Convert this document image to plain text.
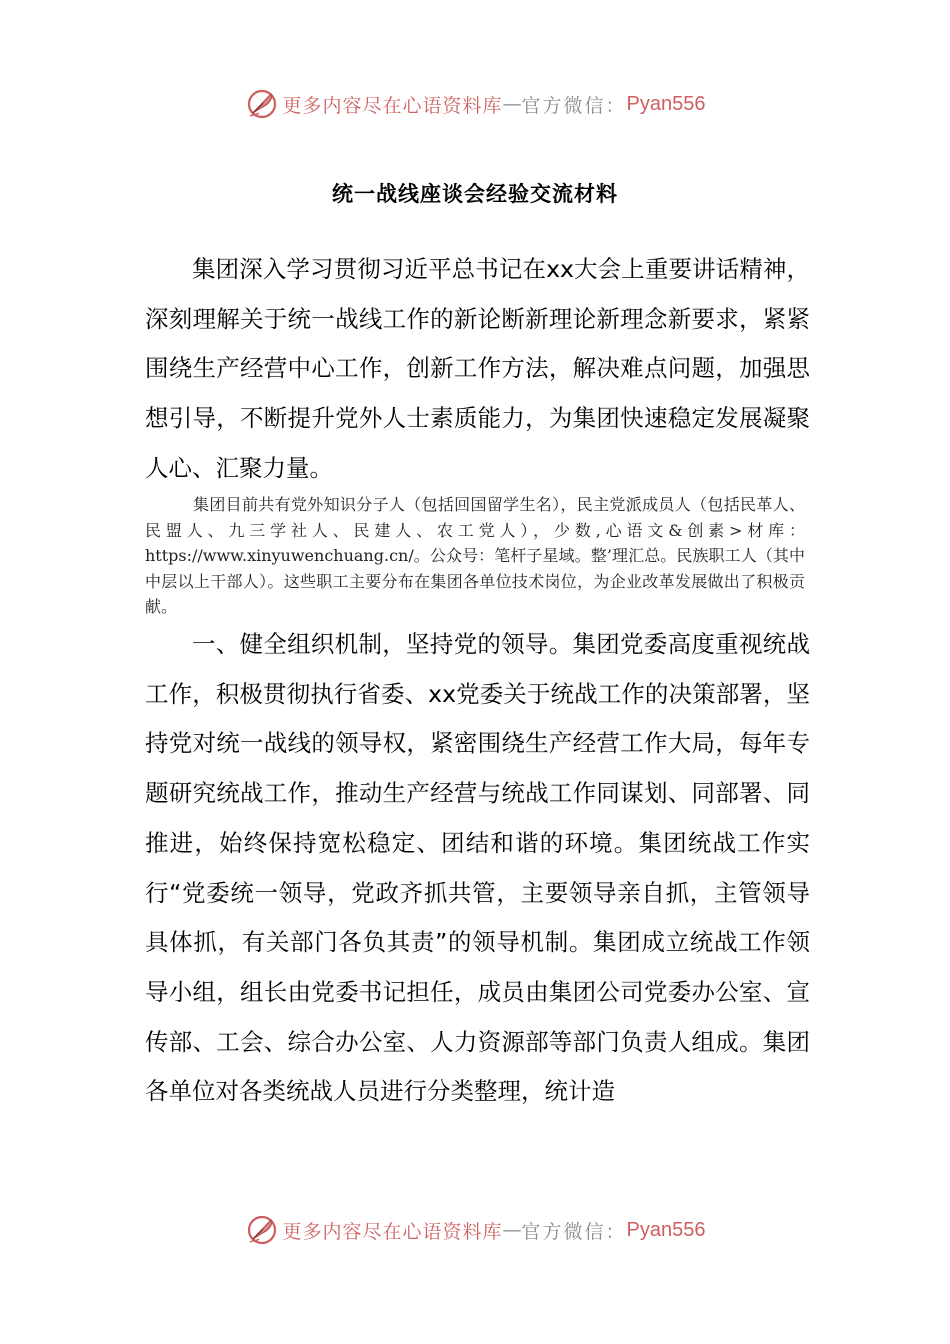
更多内容尽在心语资料库 — 官方微信： Pyan556
统一战线座谈会经验交流材料

集团深入学习贯彻习近平总书记在xx大会上重要讲话精神，深刻理解关于统一战线工作的新论断新理论新理念新要求，紧紧围绕生产经营中心工作，创新工作方法，解决难点问题，加强思想引导，不断提升党外人士素质能力，为集团快速稳定发展凝聚人心、汇聚力量。

集团目前共有党外知识分子人（包括回国留学生名），民主党派成员人（包括民革人、民盟人、九三学社人、民建人、农工党人），少数,心语文&创素>材库：https://www.xinyuwenchuang.cn/。公众号：笔杆子星域。整’理汇总。民族职工人（其中中层以上干部人）。这些职工主要分布在集团各单位技术岗位，为企业改革发展做出了积极贡献。

一、健全组织机制，坚持党的领导。集团党委高度重视统战工作，积极贯彻执行省委、xx党委关于统战工作的决策部署，坚持党对统一战线的领导权，紧密围绕生产经营工作大局，每年专题研究统战工作，推动生产经营与统战工作同谋划、同部署、同推进，始终保持宽松稳定、团结和谐的环境。集团统战工作实行“党委统一领导，党政齐抓共管，主要领导亲自抓，主管领导具体抓，有关部门各负其责”的领导机制。集团成立统战工作领导小组，组长由党委书记担任，成员由集团公司党委办公室、宣传部、工会、综合办公室、人力资源部等部门负责人组成。集团各单位对各类统战人员进行分类整理，统计造

更多内容尽在心语资料库 — 官方微信： Pyan556
